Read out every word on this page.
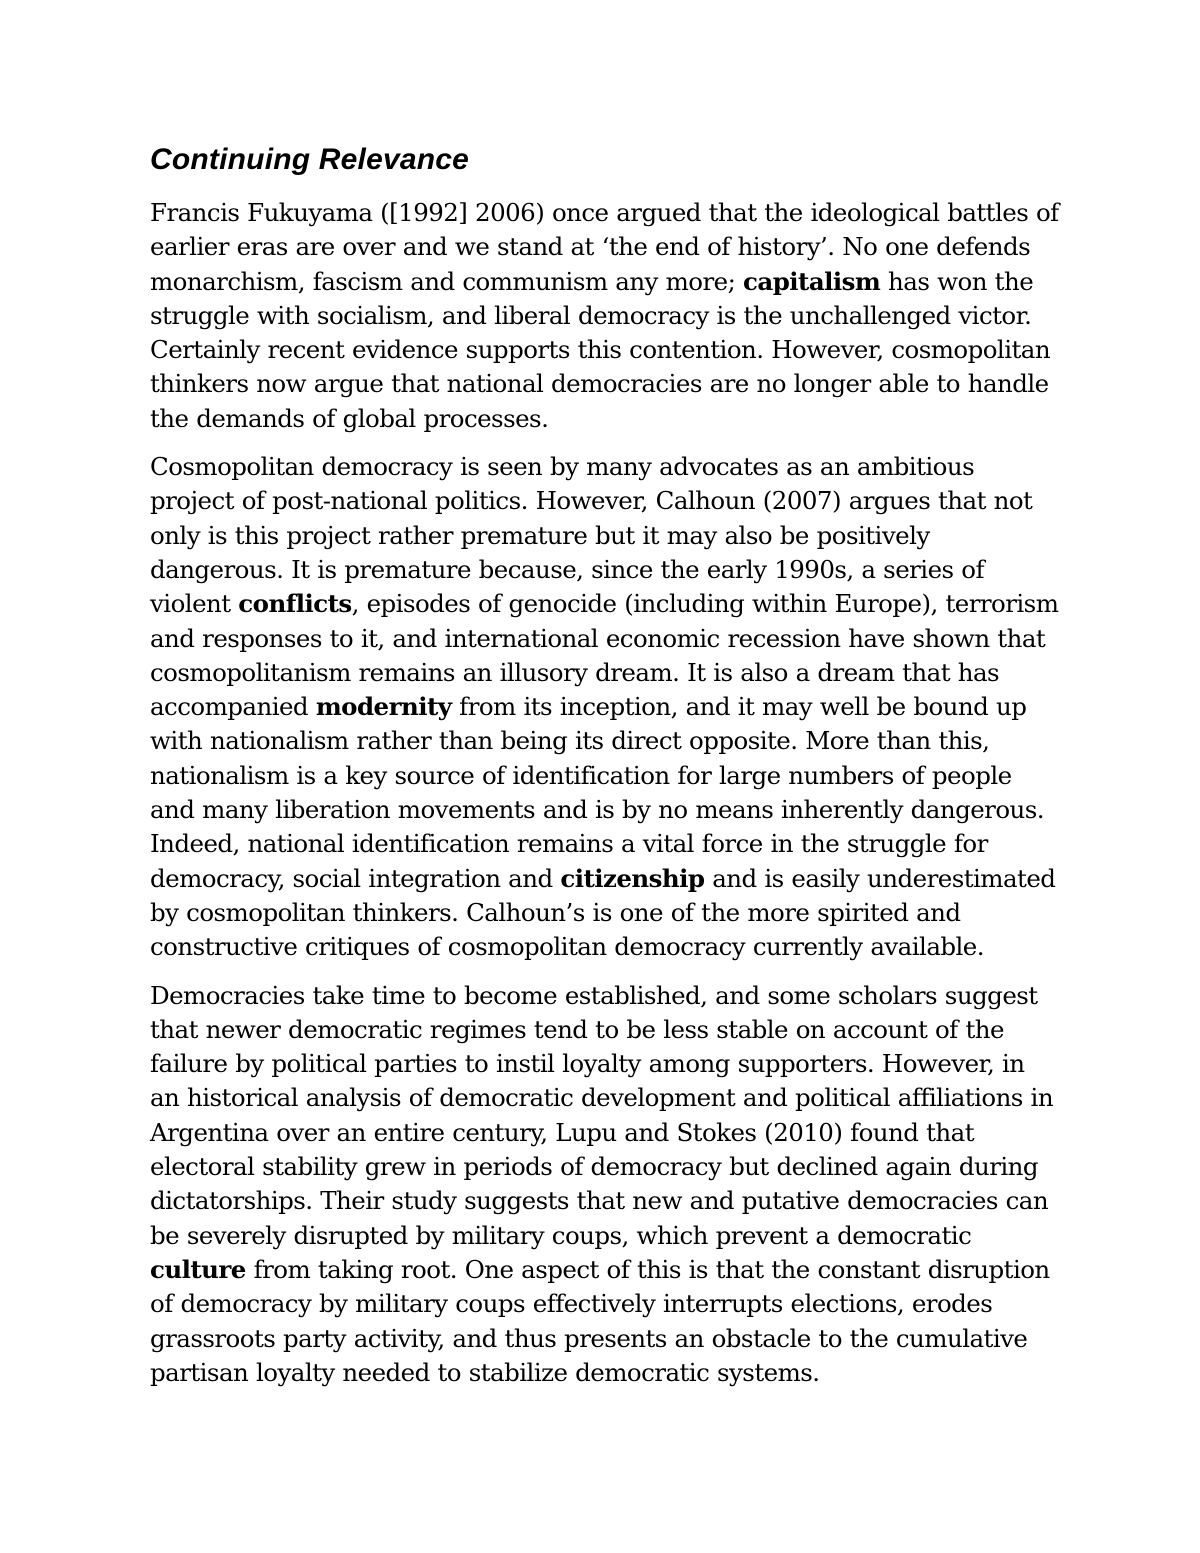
Continuing Relevance

Francis Fukuyama ([1992] 2006) once argued that the ideological battles of earlier eras are over and we stand at ‘the end of history’. No one defends monarchism, fascism and communism any more; capitalism has won the struggle with socialism, and liberal democracy is the unchallenged victor. Certainly recent evidence supports this contention. However, cosmopolitan thinkers now argue that national democracies are no longer able to handle the demands of global processes.

Cosmopolitan democracy is seen by many advocates as an ambitious project of post-national politics. However, Calhoun (2007) argues that not only is this project rather premature but it may also be positively dangerous. It is premature because, since the early 1990s, a series of violent conflicts, episodes of genocide (including within Europe), terrorism and responses to it, and international economic recession have shown that cosmopolitanism remains an illusory dream. It is also a dream that has accompanied modernity from its inception, and it may well be bound up with nationalism rather than being its direct opposite. More than this, nationalism is a key source of identification for large numbers of people and many liberation movements and is by no means inherently dangerous. Indeed, national identification remains a vital force in the struggle for democracy, social integration and citizenship and is easily underestimated by cosmopolitan thinkers. Calhoun’s is one of the more spirited and constructive critiques of cosmopolitan democracy currently available.

Democracies take time to become established, and some scholars suggest that newer democratic regimes tend to be less stable on account of the failure by political parties to instil loyalty among supporters. However, in an historical analysis of democratic development and political affiliations in Argentina over an entire century, Lupu and Stokes (2010) found that electoral stability grew in periods of democracy but declined again during dictatorships. Their study suggests that new and putative democracies can be severely disrupted by military coups, which prevent a democratic culture from taking root. One aspect of this is that the constant disruption of democracy by military coups effectively interrupts elections, erodes grassroots party activity, and thus presents an obstacle to the cumulative partisan loyalty needed to stabilize democratic systems.
